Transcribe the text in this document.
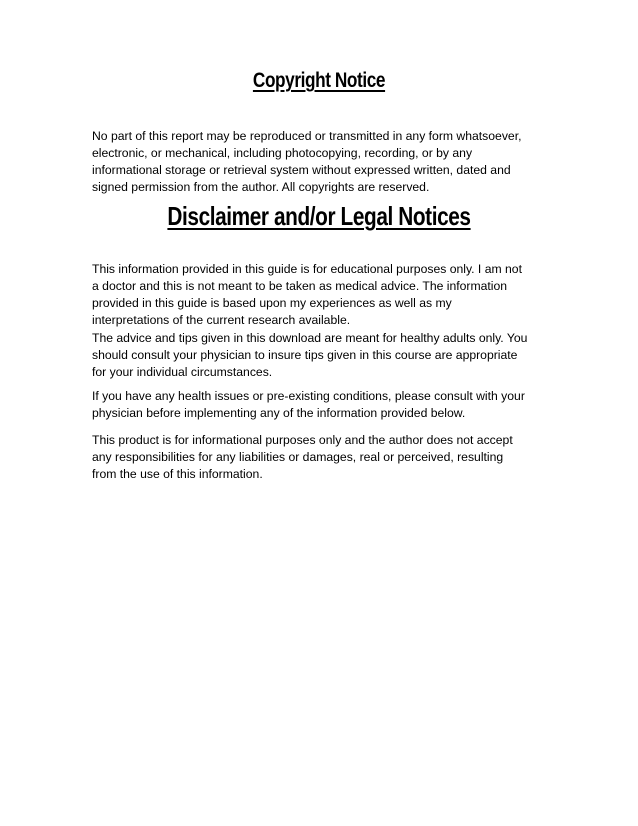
Copyright Notice

No part of this report may be reproduced or transmitted in any form whatsoever,
electronic, or mechanical, including photocopying, recording, or by any
informational storage or retrieval system without expressed written, dated and
signed permission from the author. All copyrights are reserved.

Disclaimer and/or Legal Notices

This information provided in this guide is for educational purposes only. I am not
a doctor and this is not meant to be taken as medical advice. The information
provided in this guide is based upon my experiences as well as my
interpretations of the current research available.

The advice and tips given in this download are meant for healthy adults only. You
should consult your physician to insure tips given in this course are appropriate
for your individual circumstances.

If you have any health issues or pre-existing conditions, please consult with your
physician before implementing any of the information provided below.

This product is for informational purposes only and the author does not accept
any responsibilities for any liabilities or damages, real or perceived, resulting
from the use of this information.
